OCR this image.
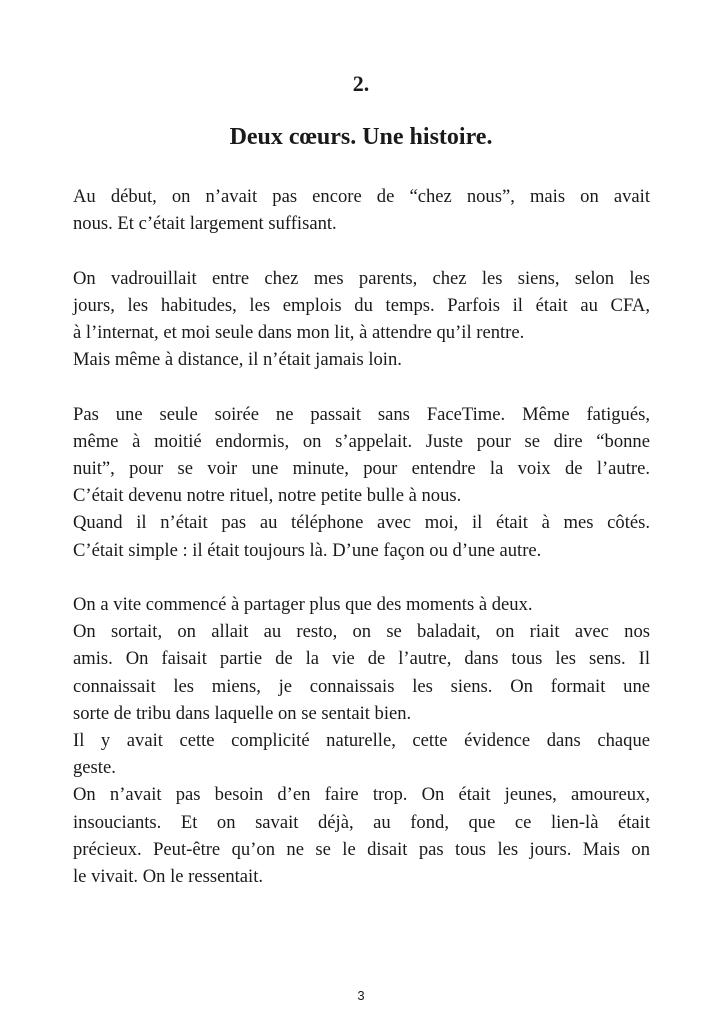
2.
Deux cœurs. Une histoire.
Au début, on n’avait pas encore de “chez nous”, mais on avait
nous. Et c’était largement suffisant.
On vadrouillait entre chez mes parents, chez les siens, selon les
jours, les habitudes, les emplois du temps. Parfois il était au CFA,
à l’internat, et moi seule dans mon lit, à attendre qu’il rentre.
Mais même à distance, il n’était jamais loin.
Pas une seule soirée ne passait sans FaceTime. Même fatigués,
même à moitié endormis, on s’appelait. Juste pour se dire “bonne
nuit”, pour se voir une minute, pour entendre la voix de l’autre.
C’était devenu notre rituel, notre petite bulle à nous.
Quand il n’était pas au téléphone avec moi, il était à mes côtés.
C’était simple : il était toujours là. D’une façon ou d’une autre.
On a vite commencé à partager plus que des moments à deux.
On sortait, on allait au resto, on se baladait, on riait avec nos
amis. On faisait partie de la vie de l’autre, dans tous les sens. Il
connaissait les miens, je connaissais les siens. On formait une
sorte de tribu dans laquelle on se sentait bien.
Il y avait cette complicité naturelle, cette évidence dans chaque
geste.
On n’avait pas besoin d’en faire trop. On était jeunes, amoureux,
insouciants. Et on savait déjà, au fond, que ce lien-là était
précieux. Peut-être qu’on ne se le disait pas tous les jours. Mais on
le vivait. On le ressentait.
3
